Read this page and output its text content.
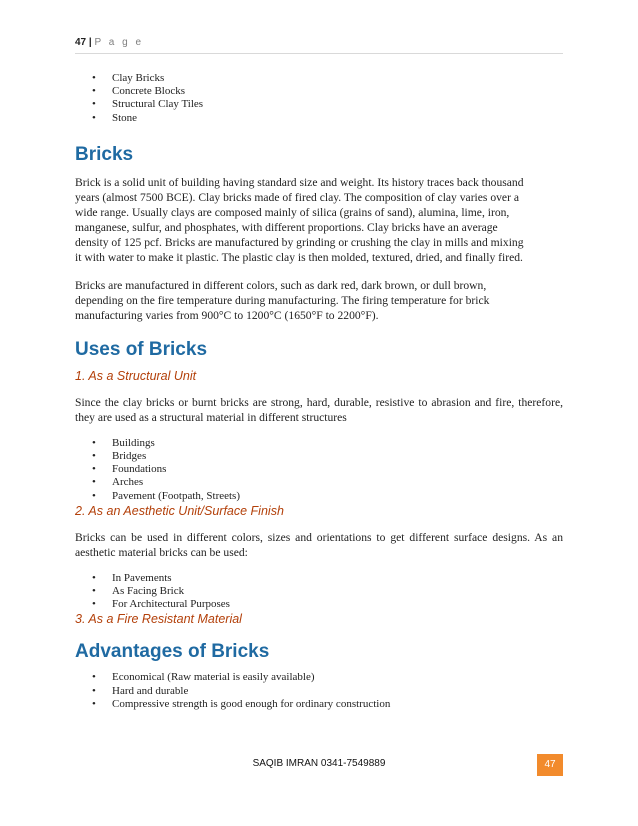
47 | P a g e
• Clay Bricks
• Concrete Blocks
• Structural Clay Tiles
• Stone
Bricks

Brick is a solid unit of building having standard size and weight. Its history traces back thousand
years (almost 7500 BCE). Clay bricks made of fired clay. The composition of clay varies over a
wide range. Usually clays are composed mainly of silica (grains of sand), alumina, lime, iron,
manganese, sulfur, and phosphates, with different proportions. Clay bricks have an average
density of 125 pcf. Bricks are manufactured by grinding or crushing the clay in mills and mixing
it with water to make it plastic. The plastic clay is then molded, textured, dried, and finally fired.

Bricks are manufactured in different colors, such as dark red, dark brown, or dull brown,
depending on the fire temperature during manufacturing. The firing temperature for brick
manufacturing varies from 900°C to 1200°C (1650°F to 2200°F).

Uses of Bricks
1. As a Structural Unit

Since the clay bricks or burnt bricks are strong, hard, durable, resistive to abrasion and fire, therefore, they are used as a structural material in different structures

• Buildings
• Bridges
• Foundations
• Arches
• Pavement (Footpath, Streets)
2. As an Aesthetic Unit/Surface Finish

Bricks can be used in different colors, sizes and orientations to get different surface designs. As an aesthetic material bricks can be used:

• In Pavements
• As Facing Brick
• For Architectural Purposes
3. As a Fire Resistant Material
Advantages of Bricks
• Economical (Raw material is easily available)
• Hard and durable
• Compressive strength is good enough for ordinary construction
SAQIB IMRAN 0341-7549889	47
